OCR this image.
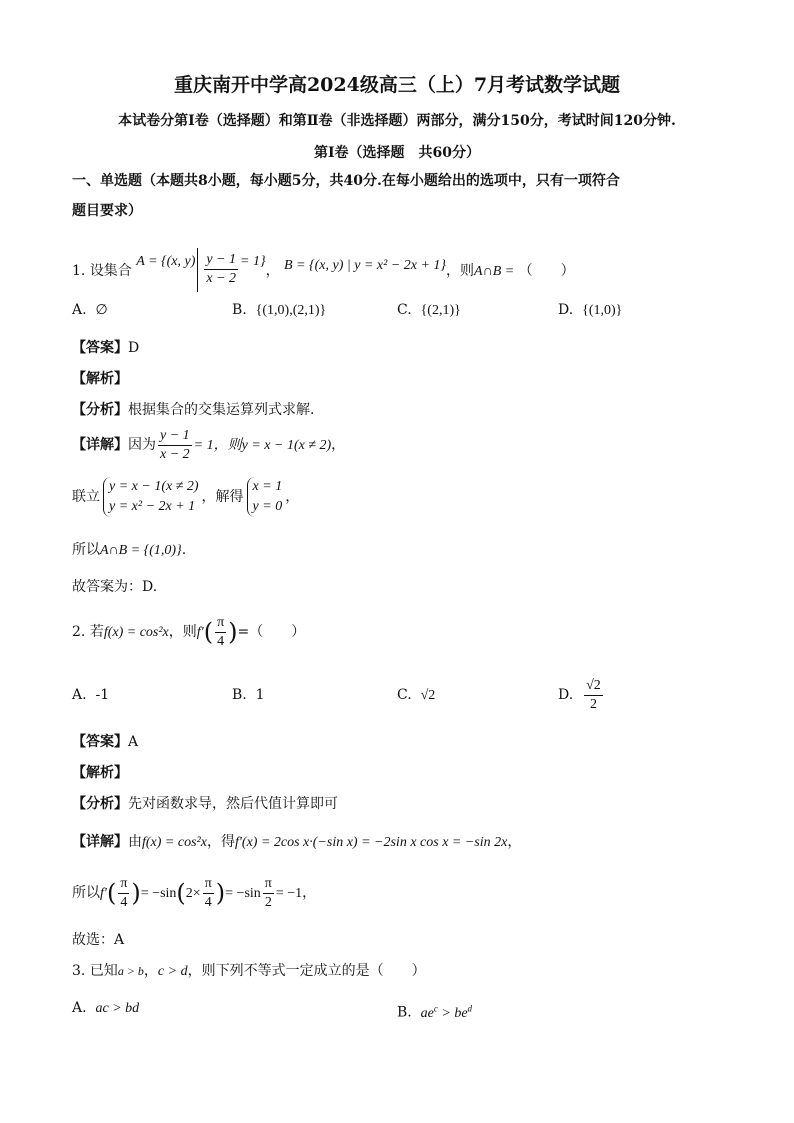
重庆南开中学高2024级高三（上）7月考试数学试题
本试卷分第Ⅰ卷（选择题）和第Ⅱ卷（非选择题）两部分，满分150分，考试时间120分钟.
第Ⅰ卷（选择题　共60分）
一、单选题（本题共8小题，每小题5分，共40分.在每小题给出的选项中，只有一项符合
题目要求）
1. 设集合 A = {(x, $y) \frac{y - 1}{x - 2} = 1$}， B = {(x, y) | y = x² − 2x + 1}，则A∩B = （　　）
A. ∅	B. {(1,0),(2,1)}	C. {(2,1)}	D. {(1,0)}
【答案】D
【解析】
【分析】根据集合的交集运算列式求解.
【详解】因为 $\frac{y - 1}{x - 2} = 1$，则y = x − 1(x ≠ 2)，
联立
y = x − 1(x ≠ 2)
y = x² − 2x + 1
，解得
x = 1
y = 0
，
所以A∩B = {(1,0)}.
故答案为：D.
2. 若f(x) = cos²x，则$f'( \frac{\pi}{4}$ )=（　　）
A. -1	B. 1	C. √2	D. $\frac{√2}{2}$
【答案】A
【解析】
【分析】先对函数求导，然后代值计算即可
【详解】由f(x) = cos²x，得f′(x) = 2cos x·(−sin x) = −2sin x cos x = −sin 2x，
所以$f'( \frac{\pi}{4}$ )= $-\sin(2\times \frac{\pi}{4}$ )= $-\sin \frac{\pi}{2} = -1$，
故选：A
3. 已知a > b，c > d，则下列不等式一定成立的是（　　）
A. ac > bd	B. $ae^c > be^d$
